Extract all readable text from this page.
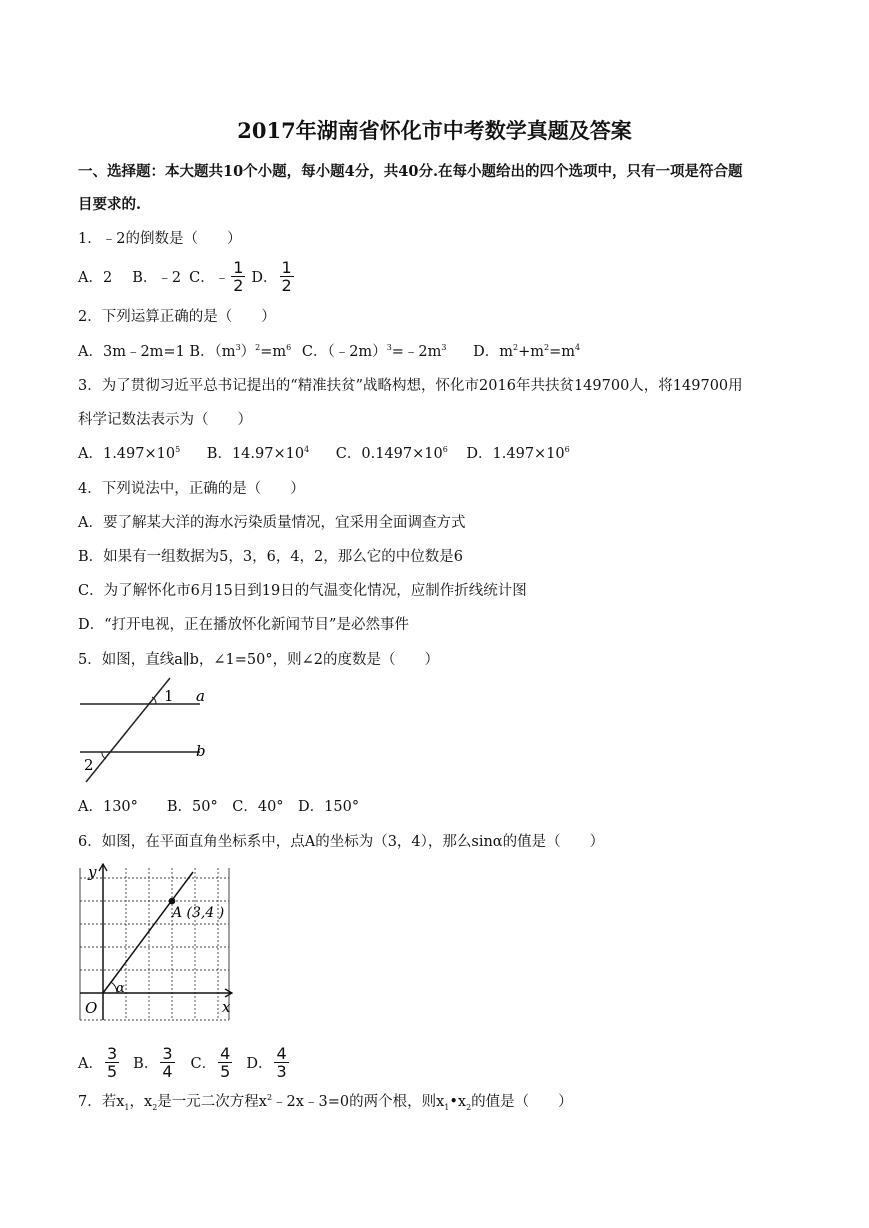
2017年湖南省怀化市中考数学真题及答案
一、选择题：本大题共10个小题，每小题4分，共40分.在每小题给出的四个选项中，只有一项是符合题
目要求的.
1．﹣2的倒数是（　　）
A．2 B．﹣2 C．﹣ $\frac{1}{2}$ D． $\frac{1}{2}$
2．下列运算正确的是（　　）
A．3m﹣2m=1 B．$(m^3)^2=m^6$ C．$(﹣2m)^3=﹣2m^3$ D．$m^2+m^2=m^4$
3．为了贯彻习近平总书记提出的“精准扶贫”战略构想，怀化市2016年共扶贫149700人，将149700用
科学记数法表示为（　　）
A．$1.497\times 10^5$ B．$14.97\times 10^4$ C．$0.1497\times 10^6$ D．$1.497\times 10^6$
4．下列说法中，正确的是（　　）
A．要了解某大洋的海水污染质量情况，宜采用全面调查方式
B．如果有一组数据为5，3，6，4，2，那么它的中位数是6
C．为了解怀化市6月15日到19日的气温变化情况，应制作折线统计图
D．“打开电视，正在播放怀化新闻节目”是必然事件
5．如图，直线a∥b，∠1=50°，则∠2的度数是（　　）
1
2
a
b
A．130°　　B．50°　C．40°　D．150°
6．如图，在平面直角坐标系中，点A的坐标为（3，4），那么sinα的值是（　　）
y
x
O
α
A (3,4 )
A． $\frac{3}{5}$ B． $\frac{3}{4}$ C． $\frac{4}{5}$ D． $\frac{4}{3}$
7．若$x_1$，$x_2$是一元二次方程$x^2﹣2x﹣3=0$的两个根，则$x_1•x_2$的值是（　　）
